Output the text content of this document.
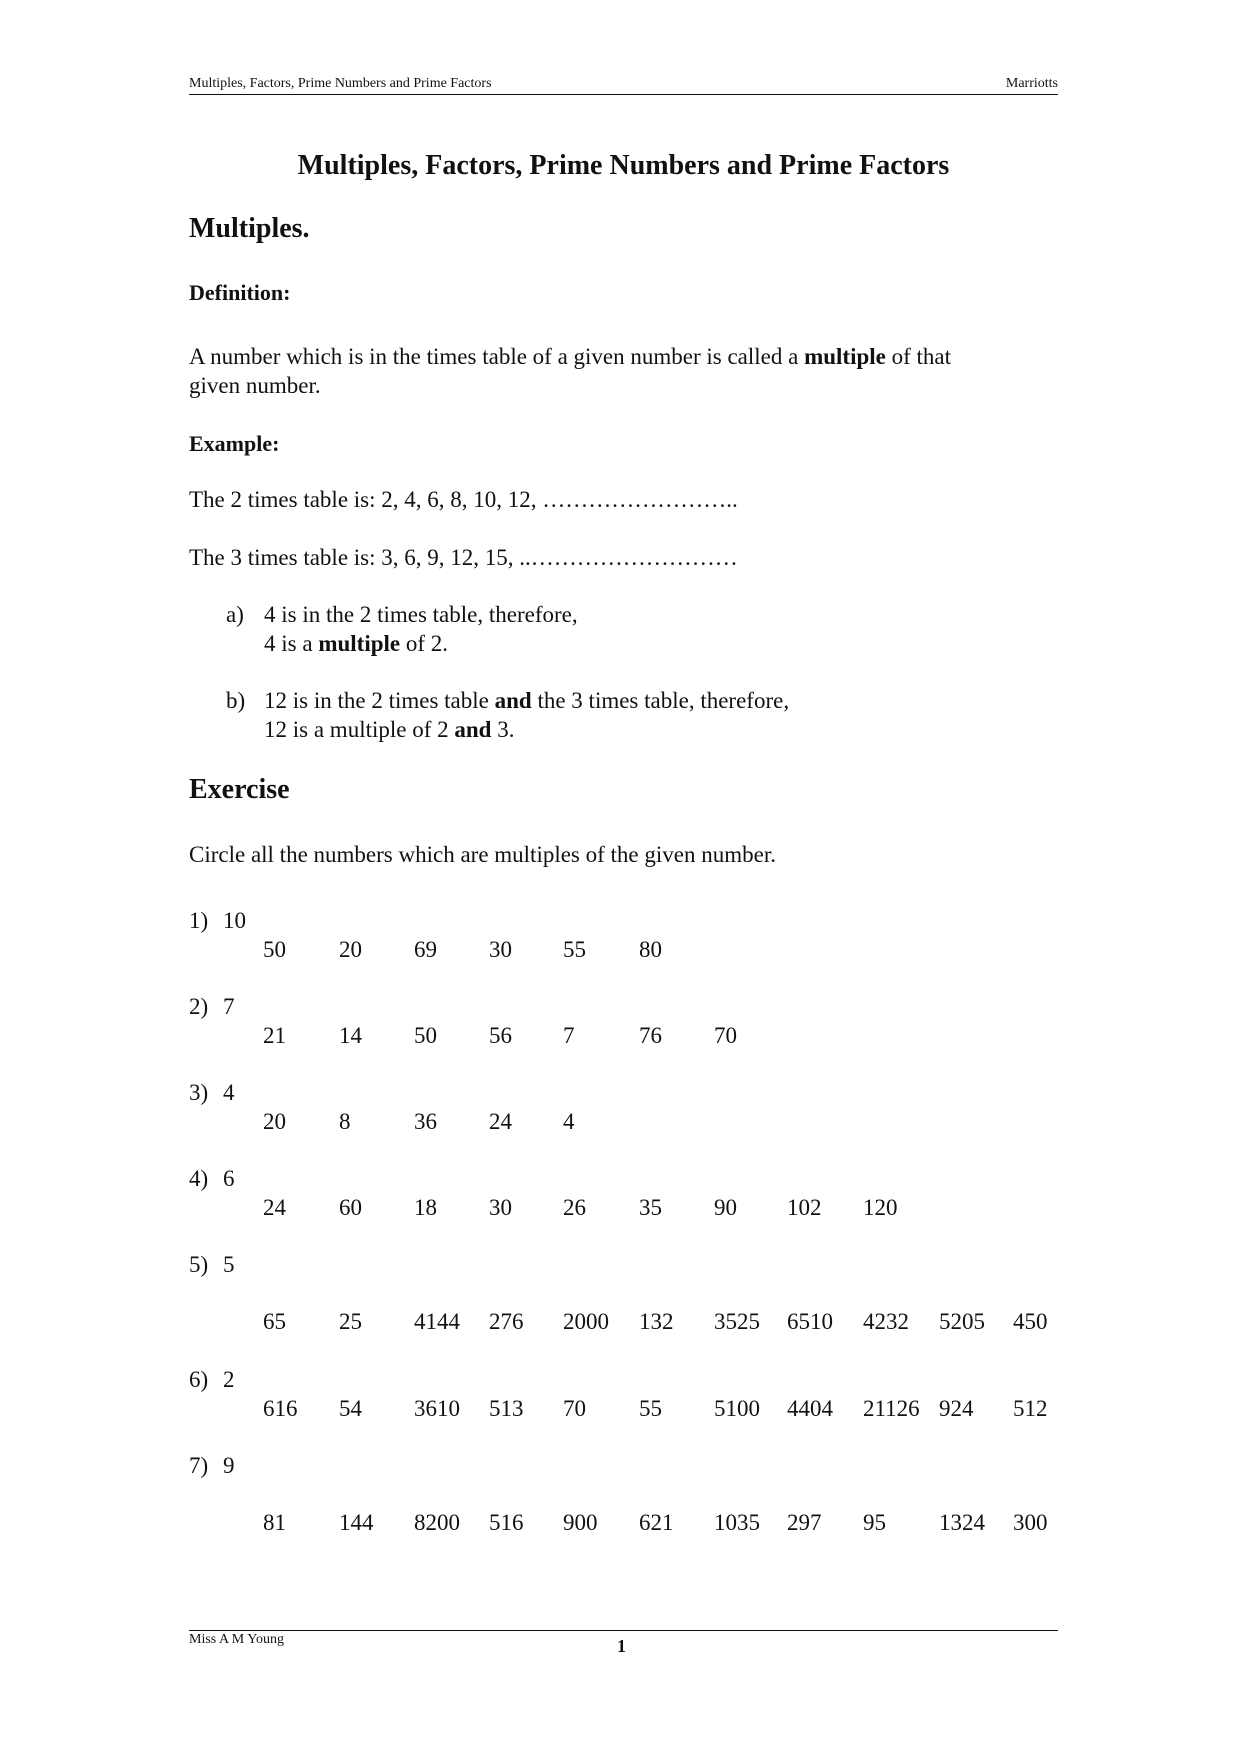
Multiples, Factors, Prime Numbers and Prime Factors	Marriotts
Multiples, Factors, Prime Numbers and Prime Factors
Multiples.
Definition:
A number which is in the times table of a given number is called a multiple of that
given number.
Example:
The 2 times table is: 2, 4, 6, 8, 10, 12, ……………………..
The 3 times table is: 3, 6, 9, 12, 15, ..………………………
a) 4 is in the 2 times table, therefore,
4 is a multiple of 2.
b) 12 is in the 2 times table and the 3 times table, therefore,
12 is a multiple of 2 and 3.
Exercise
Circle all the numbers which are multiples of the given number.
1) 10
50 20 69 30 55 80
2) 7
21 14 50 56 7	76 70
3) 4
20 8	36 24 4
4) 6
24 60 18 30 26 35 90 102 120
5) 5
65 25 4144 276 2000 132 3525 6510 4232 5205 450
6) 2
616 54 3610 513 70 55 5100 4404 21126 924 512
7) 9
81 144 8200 516 900 621 1035 297 95 1324 300
Miss A M Young	1
